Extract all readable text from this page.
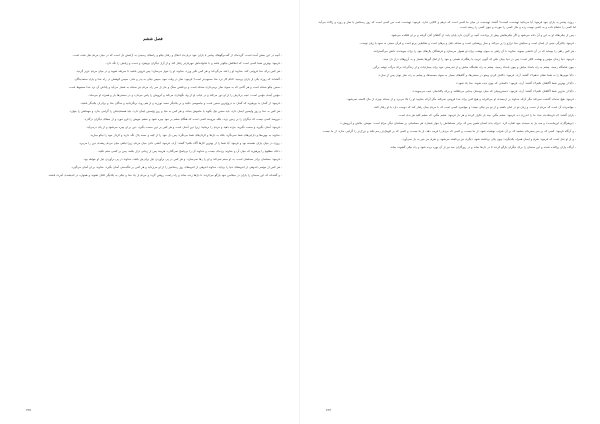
فصل ششم

- آنچه در این بخش آمده است، گزیده‌ای از گفت‌وگوهای پیامبر با یاران خود درباره‌ی اخلاق و رفتار نیکو و راه‌های رسیدن به آرامش دل است که در میان مردم نقل شده است.

- فرمود: بهترین شما کسی است که اخلاقش نیکوتر باشد و با خانواده‌اش مهربان‌تر رفتار کند و از آزار دیگران بپرهیزد و دست و زبانش را نگه دارد.

- هر کس برای خدا فروتنی کند، خداوند او را بلند می‌گرداند و هر کس تکبر ورزد، خداوند او را خوار می‌سازد؛ پس فروتن باشید تا سربلند شوید و در میان مردم عزیز گردید.

- گفته‌اند که روزی یکی از یاران پرسید: کدام کار نزد خدا محبوب‌تر است؟ فرمود: نماز در وقت خود، سپس نیکی به پدر و مادر، سپس کوشش در راه خدا و یاری ستمدیدگان.

- سخن نیکو صدقه است و هر گامی که به سوی نماز برمی‌داری صدقه است و برداشتن سنگ و خار از سر راه مردم نیز صدقه به شمار می‌آید و پاداش آن نزد خدا محفوظ است.

- مؤمن آینه‌ی مؤمن است؛ عیب برادرش را از او دور می‌کند و در غیاب او از وی نگهداری می‌کند و آبرویش را پاس می‌دارد و در سختی‌ها یار و همراه او می‌ماند.

- فرمود: از گمان بد بپرهیزید که گمان بد دروغ‌ترین سخن است و جاسوسی نکنید و بر یکدیگر حسد نورزید و از هم روی برنگردانید و بندگان خدا و برادران یکدیگر باشید.

- هر کس به خدا و روز واپسین ایمان دارد، باید سخن نیک بگوید یا خاموش بماند، و هر کس به خدا و روز واپسین ایمان دارد، باید همسایه‌اش را گرامی بدارد و مهمانش را بنوازد.

- نیرومند کسی نیست که دیگران را بر زمین بزند، بلکه نیرومند کسی است که هنگام خشم بر خود چیره شود و خشم خویش را فرو خورد و از خطای دیگران درگذرد.

- فرمود: آسان بگیرید و سخت نگیرید، مژده دهید و مردم را نرمانید؛ زیرا دین آسان است و هر کس بر دین سخت بگیرد، دین بر او چیره می‌شود و از پای درمی‌آید.

- خداوند به چهره‌ها و دارایی‌های شما نمی‌نگرد، بلکه به دل‌ها و کردارهای شما می‌نگرد؛ پس دل خود را از کینه و حسد پاک نگه دارید و کردار خود را نیکو سازید.

- روزی در میان یاران نشسته بود و فرمود: آیا شما را از بهترین کارها آگاه نکنم؟ گفتند: آری. فرمود: آشتی دادن میان مردم، زیرا تباهی میان مردم ریشه‌ی دین را می‌برد.

- دعای مظلوم را بپرهیزید که میان آن و خداوند پرده‌ای نیست و خداوند آن را بی‌پاسخ نمی‌گذارد، هرچند پس از زمانی دراز باشد، پس بر کسی ستم نکنید.

- فرمود: مسلمان برادر مسلمان است، به او ستم نمی‌کند و او را رها نمی‌سازد، و هر کس در پی برآوردن نیاز برادرش باشد، خداوند در پی برآوردن نیاز او خواهد بود.

- هر کس از مؤمنی اندوهی از اندوه‌های دنیا را بزداید، خداوند اندوهی از اندوه‌های روز رستاخیز را از او می‌زداید و هر کس بر تنگدستی آسان بگیرد، خداوند بر او آسان می‌گیرد.

- و گفته‌اند که این سخنان را یاران در مجالس خود بازگو می‌کردند تا دل‌ها زنده بماند و راه راست روشن گردد و مردم از یاد خدا و نیکی به یکدیگر غافل نشوند و همواره در اندیشه‌ی آخرت باشند.

٧٢٥

- روزی پیامبر به یاران خود فرمود: آیا می‌دانید تهیدست کیست؟ گفتند: تهیدست در میان ما کسی است که درهم و کالایی ندارد. فرمود: تهیدست امت من کسی است که روز رستاخیز با نماز و روزه و زکات می‌آید، اما کسی را دشنام داده و به کسی تهمت زده و مال کسی را خورده و خون کسی را ریخته است.

- پس از نیکی‌های او به این و آن داده می‌شود و اگر نیکی‌هایش پیش از پرداخت آنچه بر گردن دارد پایان یابد، از گناهان آنان گرفته و بر او افکنده می‌شود.

- فرمود: پاکیزگی نیمی از ایمان است و ستایش خدا ترازو را پر می‌کند و نماز روشنایی است و صدقه دلیل و برهان است و شکیبایی پرتو است و قرآن حجتی به سود یا زیان توست.

- هر کس راهی را بپیماید که در آن دانشی بجوید، خداوند با آن راهی به سوی بهشت برای او هموار می‌سازد و فرشتگان بال‌های خود را برای جوینده‌ی دانش می‌گسترانند.

- فرمود: دنیا زندان مؤمن و بهشت کافر است؛ پس در دنیا چنان باش که گویی غریب یا رهگذری هستی و خود را از اهل گورها بشمار و به آرزوهای دراز دل مبند.

- چون شامگاه رسید، چشم به راه بامداد مباش و چون بامداد رسید، چشم به راه شامگاه مباش و از تندرستی خود برای بیماری‌ات و از زندگی‌ات برای مرگت توشه برگیر.

- «آیا خوبی‌ها را به شما نشان ندهم؟» گفتند: آری. فرمود: «کامل کردن وضو در سختی‌ها، و گام‌های بسیار به سوی مسجدها، و چشم به راه نماز بودن پس از نماز.»

- «آیا از بهترین شما آگاهتان نکنم؟» گفتند: آری. فرمود: «کسانی که چون دیده شوند، خدا یاد شود.»

- «آیا از بدترین شما آگاهتان نکنم؟» گفتند: آری. فرمود: «سخن‌چینان که میان دوستان جدایی می‌افکنند و برای پاکدامنان عیب می‌جویند.»

- فرمود: هیچ بنده‌ای گذشت نمی‌کند مگر آن‌که خداوند بر ارجمندی او می‌افزاید و هیچ کس برای خدا فروتنی نمی‌کند مگر آن‌که خداوند او را بالا می‌برد و از صدقه چیزی از مال کاسته نمی‌شود.

- جوانمردی آن است که مردم از دست و زبان تو در امان باشند و از تو جز نیکی نبینند؛ و جوانمرد کسی است که با مردم چنان رفتار کند که دوست دارد با او رفتار کنند.

- یاران گفتند: ای فرستاده‌ی خدا، ما را اندرزی ده. فرمود: خشم مگیر. چند بار تکرار کردند و هر بار فرمود: خشم مگیر، که خشم کلید هر بدی است.

- «پرهیزگاری این‌جاست» و سه بار به سینه‌ی خود اشاره کرد. «برای بدی انسان همین بس که برادر مسلمانش را خوار شمارد. هر مسلمانی بر مسلمان دیگر حرام است: خونش، مالش و آبرویش.»

- و آن‌گاه فرمود: کسی که بر سر سفره‌ای بنشیند که بر آن شراب نوشیده شود، از ما نیست، و کسی که مردم را فریب دهد، از ما نیست، و کسی که بر کوچک‌تر رحم نکند و بزرگ‌تر را گرامی ندارد، از ما نیست.

- و از او نقل است که فرمود: شرم و ایمان همراه یکدیگرند؛ چون یکی برداشته شود، دیگری نیز برداشته می‌شود، و شرم جز خیر به بار نمی‌آورد.

- آن‌گاه یاران پراکنده شدند و این سخنان را برای دیگران بازگو کردند تا در دل‌ها بماند و در روزگاران بعد نیز از آن بهره برده شود و راه نیکی گشوده بماند.

٧٢٤
